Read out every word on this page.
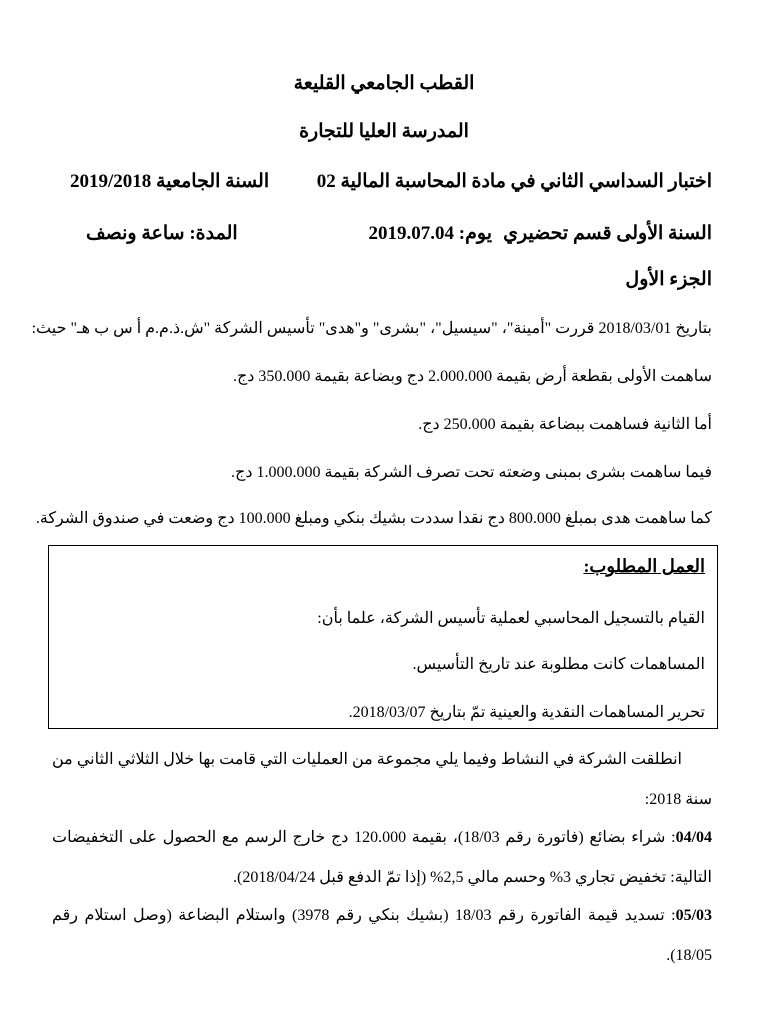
القطب الجامعي القليعة
المدرسة العليا للتجارة
اختبار السداسي الثاني في مادة المحاسبة المالية 02
السنة الجامعية 2019/2018
السنة الأولى قسم تحضيري
يوم: 2019.07.04
المدة: ساعة ونصف
الجزء الأول
بتاريخ 2018/03/01 قررت "أمينة"، "سيسيل"، "بشرى" و"هدى" تأسيس الشركة "ش.ذ.م.م أ س ب هـ" حيث:
ساهمت الأولى بقطعة أرض بقيمة 2.000.000 دج وبضاعة بقيمة 350.000 دج.
أما الثانية فساهمت ببضاعة بقيمة 250.000 دج.
فيما ساهمت بشرى بمبنى وضعته تحت تصرف الشركة بقيمة 1.000.000 دج.
كما ساهمت هدى بمبلغ 800.000 دج نقدا سددت بشيك بنكي ومبلغ 100.000 دج وضعت في صندوق الشركة.
العمل المطلوب:
القيام بالتسجيل المحاسبي لعملية تأسيس الشركة، علما بأن:
المساهمات كانت مطلوبة عند تاريخ التأسيس.
تحرير المساهمات النقدية والعينية تمّ بتاريخ 2018/03/07.
انطلقت الشركة في النشاط وفيما يلي مجموعة من العمليات التي قامت بها خلال الثلاثي الثاني من سنة 2018:
04/04: شراء بضائع (فاتورة رقم 18/03)، بقيمة 120.000 دج خارج الرسم مع الحصول على التخفيضات التالية: تخفيض تجاري 3% وحسم مالي 2,5% (إذا تمّ الدفع قبل 2018/04/24).
05/03: تسديد قيمة الفاتورة رقم 18/03 (بشيك بنكي رقم 3978) واستلام البضاعة (وصل استلام رقم 18/05).
